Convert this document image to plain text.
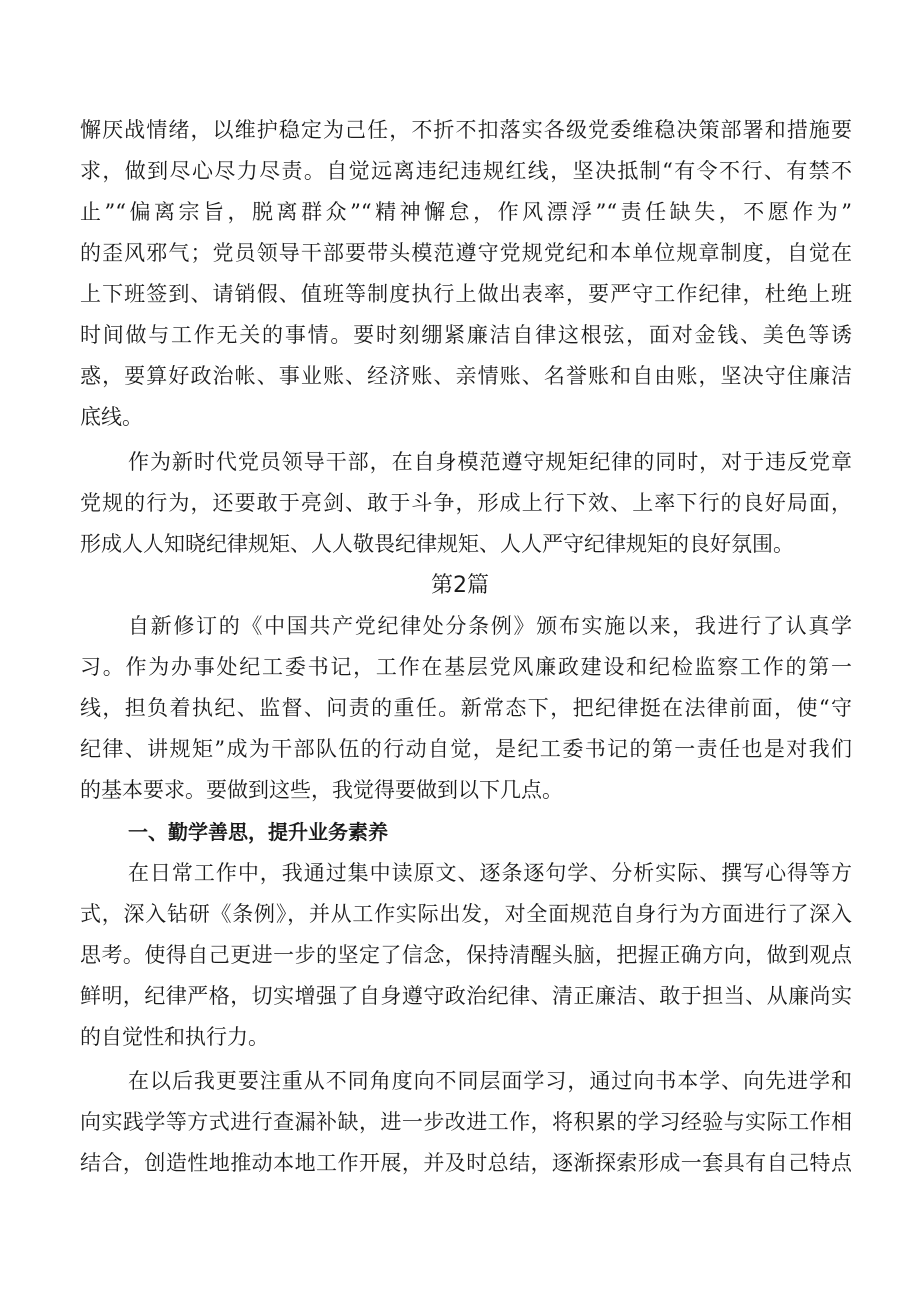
懈厌战情绪，以维护稳定为己任，不折不扣落实各级党委维稳决策部署和措施要
求，做到尽心尽力尽责。自觉远离违纪违规红线，坚决抵制“有令不行、有禁不
止”“偏离宗旨，脱离群众”“精神懈怠，作风漂浮”“责任缺失，不愿作为”
的歪风邪气；党员领导干部要带头模范遵守党规党纪和本单位规章制度，自觉在
上下班签到、请销假、值班等制度执行上做出表率，要严守工作纪律，杜绝上班
时间做与工作无关的事情。要时刻绷紧廉洁自律这根弦，面对金钱、美色等诱
惑，要算好政治帐、事业账、经济账、亲情账、名誉账和自由账，坚决守住廉洁
底线。
作为新时代党员领导干部，在自身模范遵守规矩纪律的同时，对于违反党章
党规的行为，还要敢于亮剑、敢于斗争，形成上行下效、上率下行的良好局面，
形成人人知晓纪律规矩、人人敬畏纪律规矩、人人严守纪律规矩的良好氛围。
第2篇
自新修订的《中国共产党纪律处分条例》颁布实施以来，我进行了认真学
习。作为办事处纪工委书记，工作在基层党风廉政建设和纪检监察工作的第一
线，担负着执纪、监督、问责的重任。新常态下，把纪律挺在法律前面，使“守
纪律、讲规矩”成为干部队伍的行动自觉，是纪工委书记的第一责任也是对我们
的基本要求。要做到这些，我觉得要做到以下几点。
一、勤学善思，提升业务素养
在日常工作中，我通过集中读原文、逐条逐句学、分析实际、撰写心得等方
式，深入钻研《条例》，并从工作实际出发，对全面规范自身行为方面进行了深入
思考。使得自己更进一步的坚定了信念，保持清醒头脑，把握正确方向，做到观点
鲜明，纪律严格，切实增强了自身遵守政治纪律、清正廉洁、敢于担当、从廉尚实
的自觉性和执行力。
在以后我更要注重从不同角度向不同层面学习，通过向书本学、向先进学和
向实践学等方式进行查漏补缺，进一步改进工作，将积累的学习经验与实际工作相
结合，创造性地推动本地工作开展，并及时总结，逐渐探索形成一套具有自己特点
